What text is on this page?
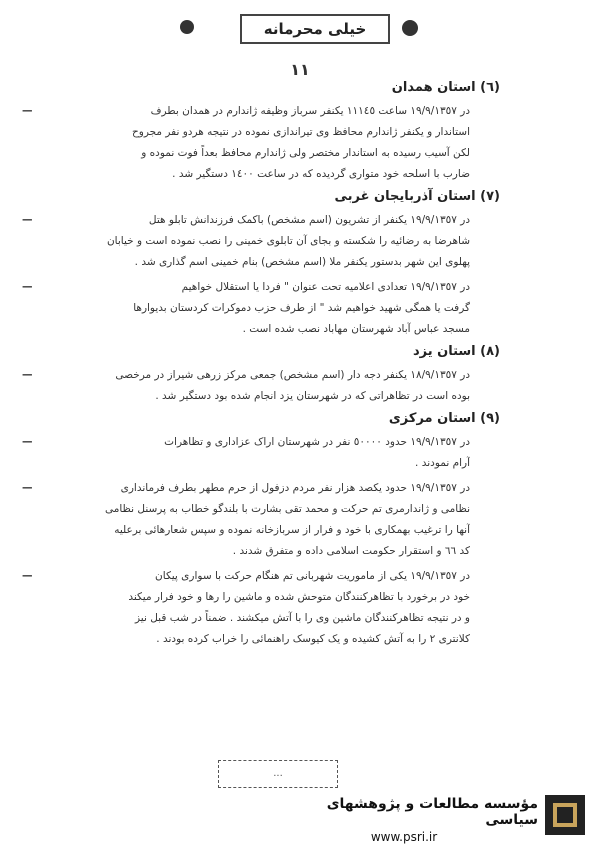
خیلی محرمانه
١١
(٦) استان همدان
—	در ١٩/٩/١٣٥٧ ساعت ١١١٤٥ یکنفر سرباز وظیفه ژاندارم در همدان بطرف

استاندار و یکنفر ژاندارم محافظ وی تیراندازی نموده در نتیجه هردو نفر مجروح

لکن آسیب رسیده به استاندار مختصر ولی ژاندارم محافظ بعداً فوت نموده و

ضارب با اسلحه خود متواری گردیده که در ساعت ١٤٠٠ دستگیر شد .

(٧) استان آذربایجان غربی
—	در ١٩/٩/١٣٥٧ یکنفر از تشریون (اسم مشخص) باکمک فرزندانش تابلو هتل

شاهرضا به رضائیه را شکسته و بجای آن تابلوی خمینی را نصب نموده است و خیابان

پهلوی این شهر بدستور یکنفر ملا (اسم مشخص) بنام خمینی اسم گذاری شد .

—	در ١٩/٩/١٣٥٧ تعدادی اعلامیه تحت عنوان " فردا یا استقلال خواهیم

گرفت یا همگی شهید خواهیم شد " از طرف حزب دموکرات کردستان بدیوارها

مسجد عباس آباد شهرستان مهاباد نصب شده است .

(٨) استان یزد
—	در ١٨/٩/١٣٥٧ یکنفر دجه دار (اسم مشخص) جمعی مرکز زرهی شیراز در مرخصی

بوده است در تظاهراتی که در شهرستان یزد انجام شده بود دستگیر شد .

(٩) استان مرکزی
—	در ١٩/٩/١٣٥٧ حدود ٥٠٠٠٠ نفر در شهرستان اراک عزاداری و تظاهرات

آرام نمودند .

—	در ١٩/٩/١٣٥٧ حدود یکصد هزار نفر مردم دزفول از حرم مطهر بطرف فرمانداری

نظامی و ژاندارمری تم حرکت و محمد تقی بشارت با بلندگو خطاب به پرسنل نظامی

آنها را ترغیب بهمکاری با خود و فرار از سربازخانه نموده و سپس شعارهائی برعلیه

کد ٦٦ و استقرار حکومت اسلامی داده و متفرق شدند .

—	در ١٩/٩/١٣٥٧ یکی از ماموریت شهربانی تم هنگام حرکت با سواری پیکان

خود در برخورد با تظاهرکنندگان متوحش شده و ماشین را رها و خود فرار میکند

و در نتیجه تظاهرکنندگان ماشین وی را با آتش میکشند . ضمناً در شب قبل نیز

کلانتری ٢ را به آتش کشیده و یک کیوسک راهنمائی را خراب کرده بودند .

...
مؤسسه مطالعات و پژوهشهای سیاسی
www.psri.ir
